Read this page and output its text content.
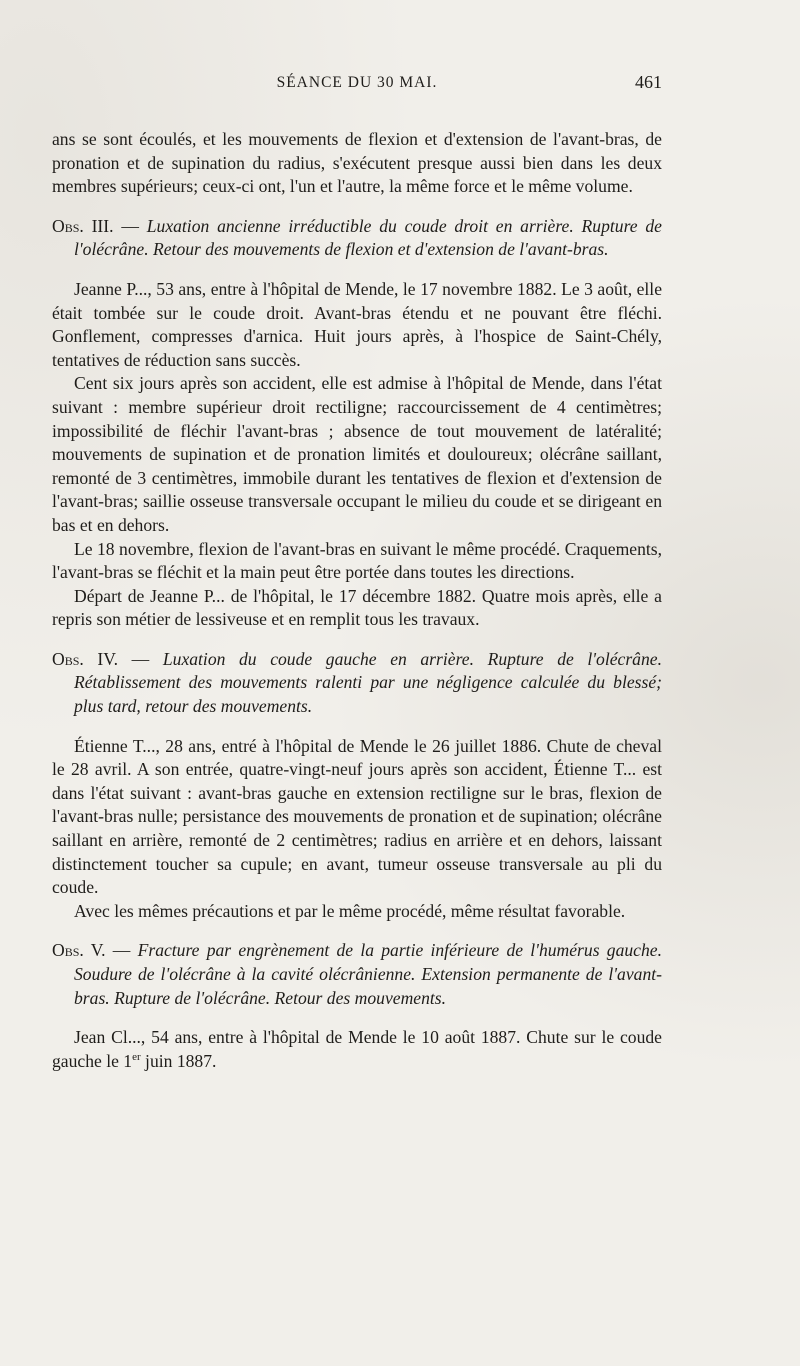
SÉANCE DU 30 MAI.	461

ans se sont écoulés, et les mouvements de flexion et d'extension de l'avant-bras, de pronation et de supination du radius, s'exécutent presque aussi bien dans les deux membres supérieurs; ceux-ci ont, l'un et l'autre, la même force et le même volume.

Obs. III. — Luxation ancienne irréductible du coude droit en arrière. Rupture de l'olécrâne. Retour des mouvements de flexion et d'extension de l'avant-bras.

Jeanne P..., 53 ans, entre à l'hôpital de Mende, le 17 novembre 1882. Le 3 août, elle était tombée sur le coude droit. Avant-bras étendu et ne pouvant être fléchi. Gonflement, compresses d'arnica. Huit jours après, à l'hospice de Saint-Chély, tentatives de réduction sans succès.

Cent six jours après son accident, elle est admise à l'hôpital de Mende, dans l'état suivant : membre supérieur droit rectiligne; raccourcissement de 4 centimètres; impossibilité de fléchir l'avant-bras ; absence de tout mouvement de latéralité; mouvements de supination et de pronation limités et douloureux; olécrâne saillant, remonté de 3 centimètres, immobile durant les tentatives de flexion et d'extension de l'avant-bras; saillie osseuse transversale occupant le milieu du coude et se dirigeant en bas et en dehors.

Le 18 novembre, flexion de l'avant-bras en suivant le même procédé. Craquements, l'avant-bras se fléchit et la main peut être portée dans toutes les directions.

Départ de Jeanne P... de l'hôpital, le 17 décembre 1882. Quatre mois après, elle a repris son métier de lessiveuse et en remplit tous les travaux.

Obs. IV. — Luxation du coude gauche en arrière. Rupture de l'olécrâne. Rétablissement des mouvements ralenti par une négligence calculée du blessé; plus tard, retour des mouvements.

Étienne T..., 28 ans, entré à l'hôpital de Mende le 26 juillet 1886. Chute de cheval le 28 avril. A son entrée, quatre-vingt-neuf jours après son accident, Étienne T... est dans l'état suivant : avant-bras gauche en extension rectiligne sur le bras, flexion de l'avant-bras nulle; persistance des mouvements de pronation et de supination; olécrâne saillant en arrière, remonté de 2 centimètres; radius en arrière et en dehors, laissant distinctement toucher sa cupule; en avant, tumeur osseuse transversale au pli du coude.

Avec les mêmes précautions et par le même procédé, même résultat favorable.

Obs. V. — Fracture par engrènement de la partie inférieure de l'humérus gauche. Soudure de l'olécrâne à la cavité olécrânienne. Extension permanente de l'avant-bras. Rupture de l'olécrâne. Retour des mouvements.

Jean Cl..., 54 ans, entre à l'hôpital de Mende le 10 août 1887. Chute sur le coude gauche le 1er juin 1887.
